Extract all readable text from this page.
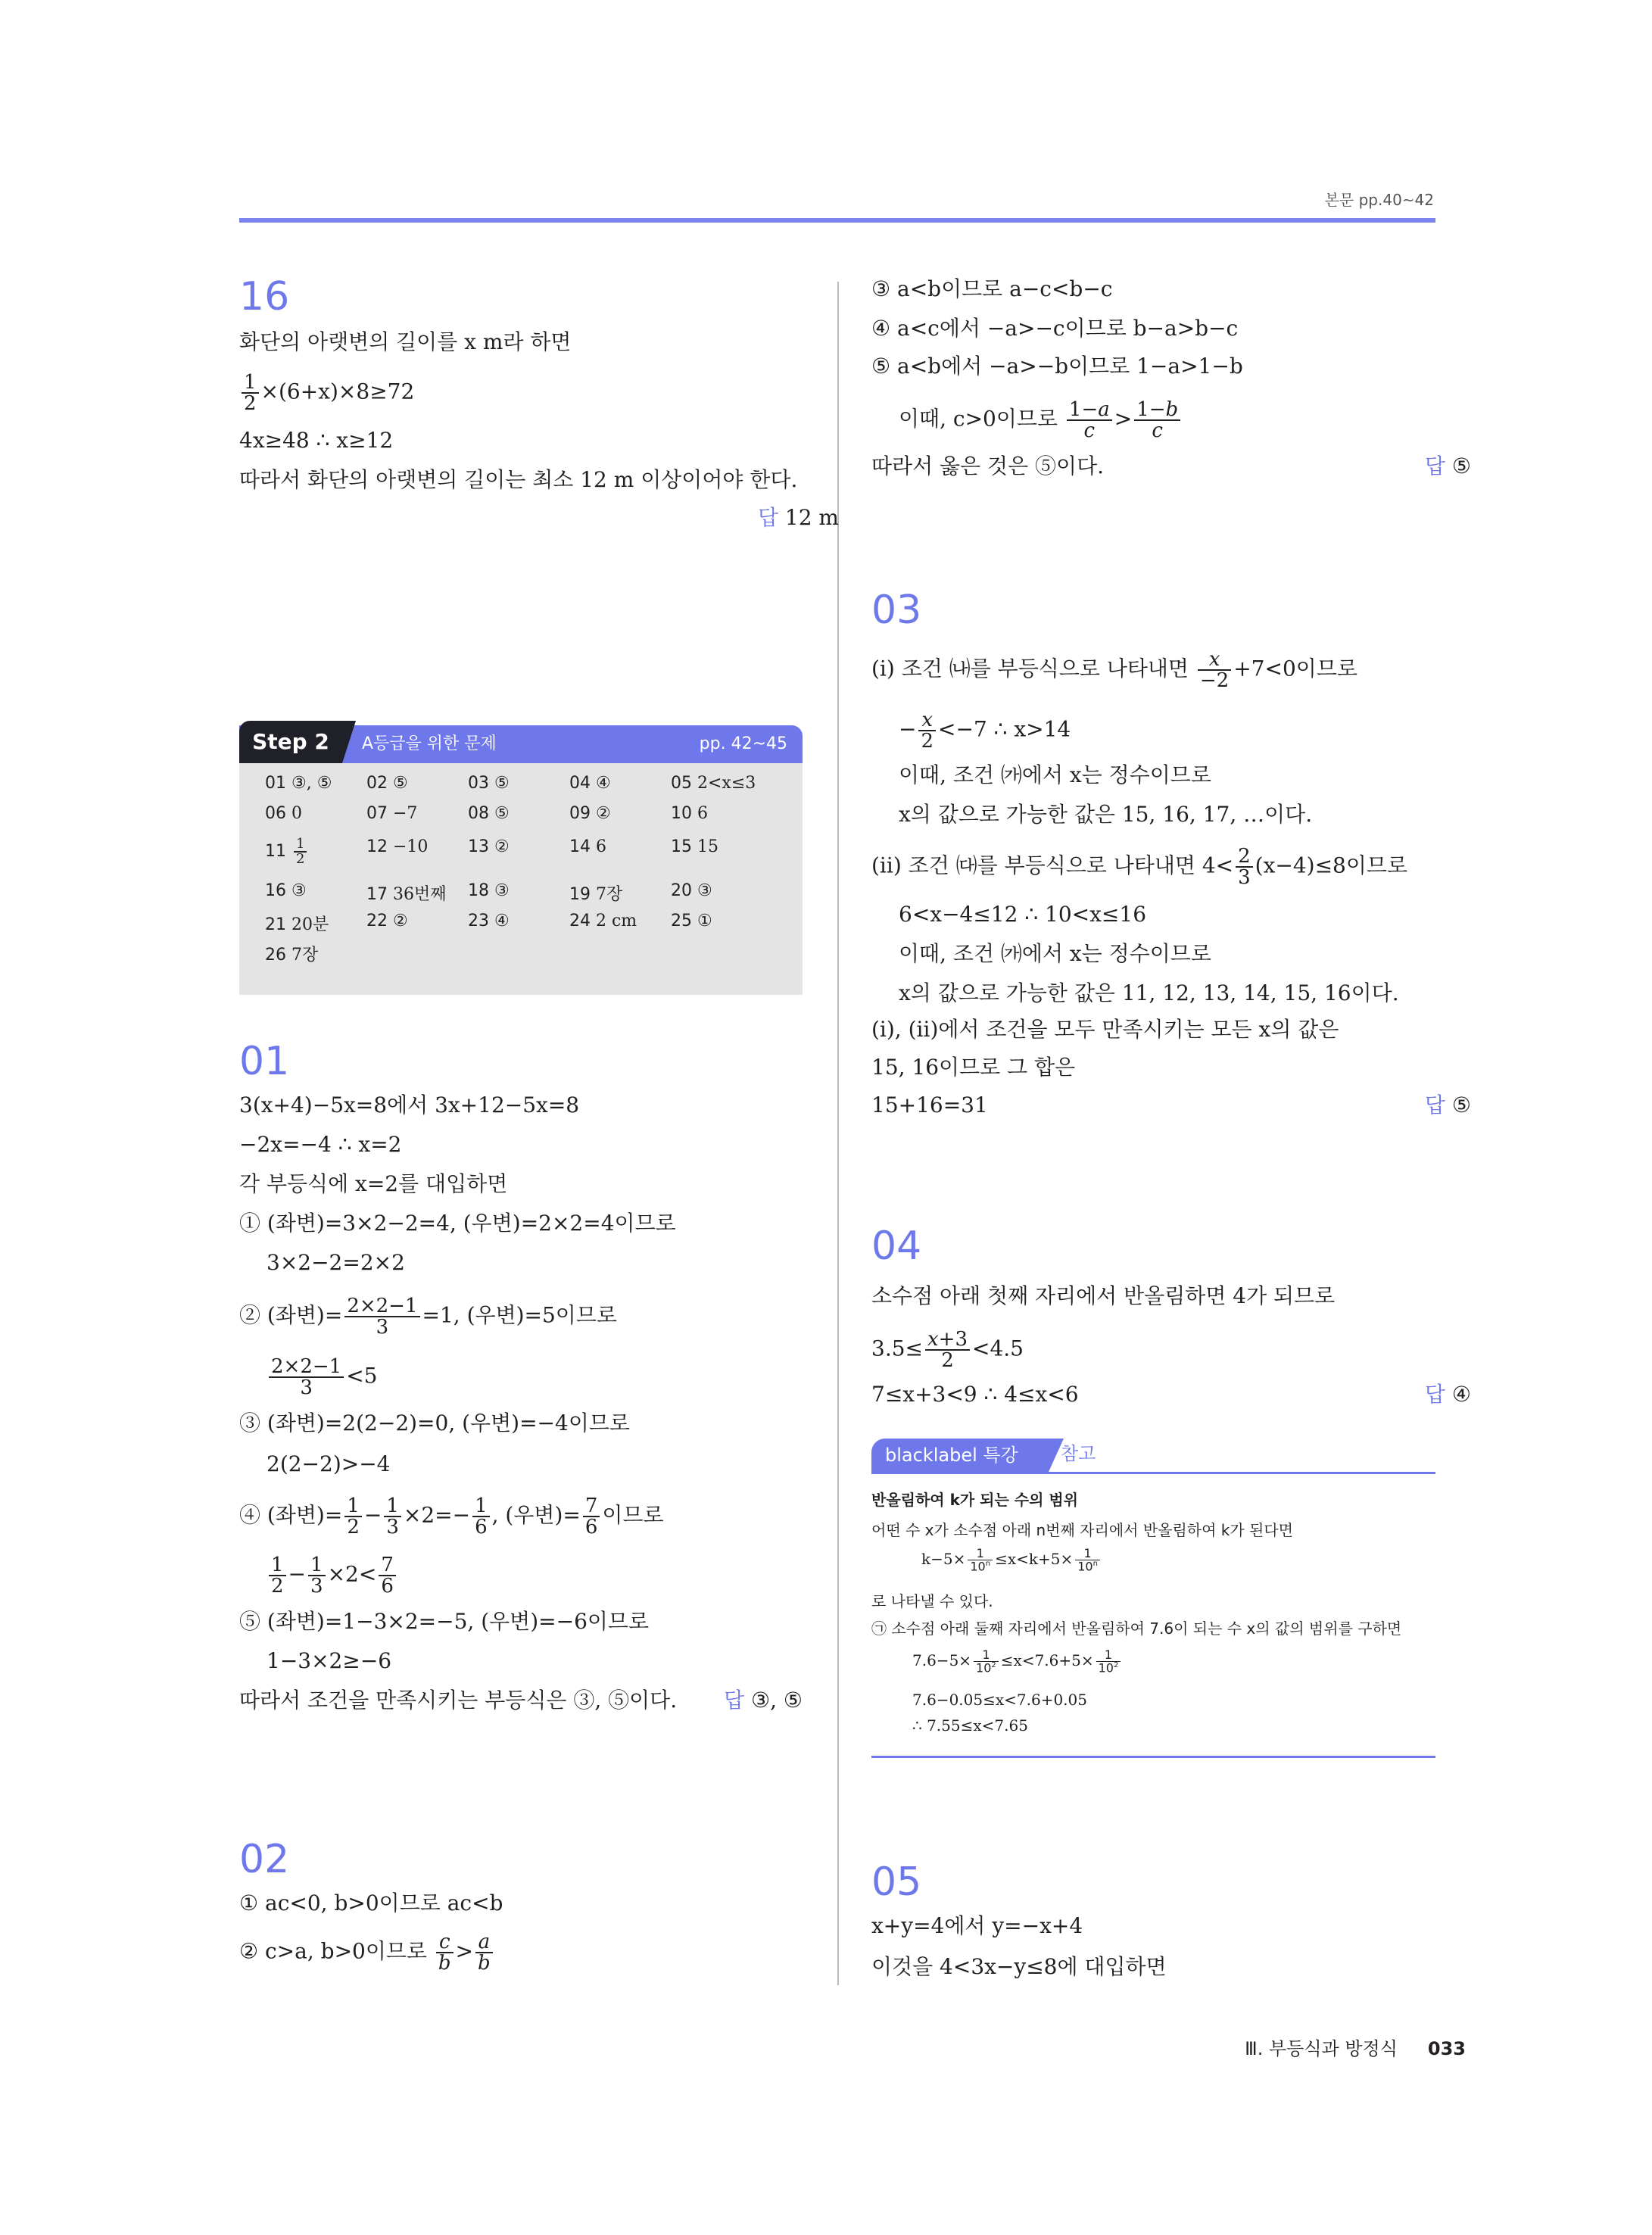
본문 pp.40~42
16
화단의 아랫변의 길이를 x m라 하면
$\frac{1}{2} \times(6+x)\times 8\ge 72$
4x≥48 ∴ x≥12
따라서 화단의 아랫변의 길이는 최소 12 m 이상이어야 한다.
답 12 m
01
3(x+4)−5x=8에서 3x+12−5x=8
−2x=−4 ∴ x=2
각 부등식에 x=2를 대입하면
① (좌변)=3×2−2=4, (우변)=2×2=4이므로
3×2−2=2×2
② (좌변)= $\frac{2\times 2-1}{3} =1$, (우변)=5이므로
$\frac{2\times 2-1}{3} <5$
③ (좌변)=2(2−2)=0, (우변)=−4이므로
2(2−2)>−4
④ (좌변)= $\frac{1}{2} - \frac{1}{3} \times 2=- \frac{1}{6}$ , (우변)= $\frac{7}{6}$ 이므로
$\frac{1}{2} - \frac{1}{3} \times 2< \frac{7}{6}$
⑤ (좌변)=1−3×2=−5, (우변)=−6이므로
1−3×2≥−6
따라서 조건을 만족시키는 부등식은 ③, ⑤이다. 답 ③, ⑤
02
① ac<0, b>0이므로 ac<b
② c>a, b>0이므로 $\frac{c}{b} > \frac{a}{b}$
Step 2	A등급을 위한 문제	pp. 42~45
01 ③, ⑤ 02 ⑤	03 ⑤	04 ④	05 2<x≤3
06 0	07 −7	08 ⑤	09 ②	10 6
$11 \frac{1}{2}$	12 −10 13 ②	14 6	15 15
16 ③	17 36번째 18 ③	19 7장	20 ③
21 20분 22 ②	23 ④	24 2 cm 25 ①
26 7장
③ a<b이므로 a−c<b−c
④ a<c에서 −a>−c이므로 b−a>b−c
⑤ a<b에서 −a>−b이므로 1−a>1−b
이때, c>0이므로 $\frac{1-a}{c} > \frac{1-b}{c}$
따라서 옳은 것은 ⑤이다.	답 ⑤
03
(ⅰ) 조건 ㈏를 부등식으로 나타내면 $\frac{x}{-2} +7<0$이므로
− $\frac{x}{2} <-7$ ∴ x>14
이때, 조건 ㈎에서 x는 정수이므로
x의 값으로 가능한 값은 15, 16, 17, …이다.
(ⅱ) 조건 ㈐를 부등식으로 나타내면 $4< \frac{2}{3} (x-4)\le 8$이므로
6<x−4≤12 ∴ 10<x≤16
이때, 조건 ㈎에서 x는 정수이므로
x의 값으로 가능한 값은 11, 12, 13, 14, 15, 16이다.
(ⅰ), (ⅱ)에서 조건을 모두 만족시키는 모든 x의 값은
15, 16이므로 그 합은
15+16=31	답 ⑤
04
소수점 아래 첫째 자리에서 반올림하면 4가 되므로
$3.5\le \frac{x+3}{2} <4.5$
7≤x+3<9 ∴ 4≤x<6	답 ④
05
x+y=4에서 y=−x+4
이것을 4<3x−y≤8에 대입하면
blacklabel 특강	참고
반올림하여 k가 되는 수의 범위
어떤 수 x가 소수점 아래 n번째 자리에서 반올림하여 k가 된다면
$k-5\times \frac{1}{10^n} \le x<k+5\times \frac{1}{10^n}$
로 나타낼 수 있다.
㉠ 소수점 아래 둘째 자리에서 반올림하여 7.6이 되는 수 x의 값의 범위를 구하면
$7.6-5\times \frac{1}{10^2} \le x<7.6+5\times \frac{1}{10^2}$
7.6−0.05≤x<7.6+0.05
∴ 7.55≤x<7.65
Ⅲ. 부등식과 방정식 033
